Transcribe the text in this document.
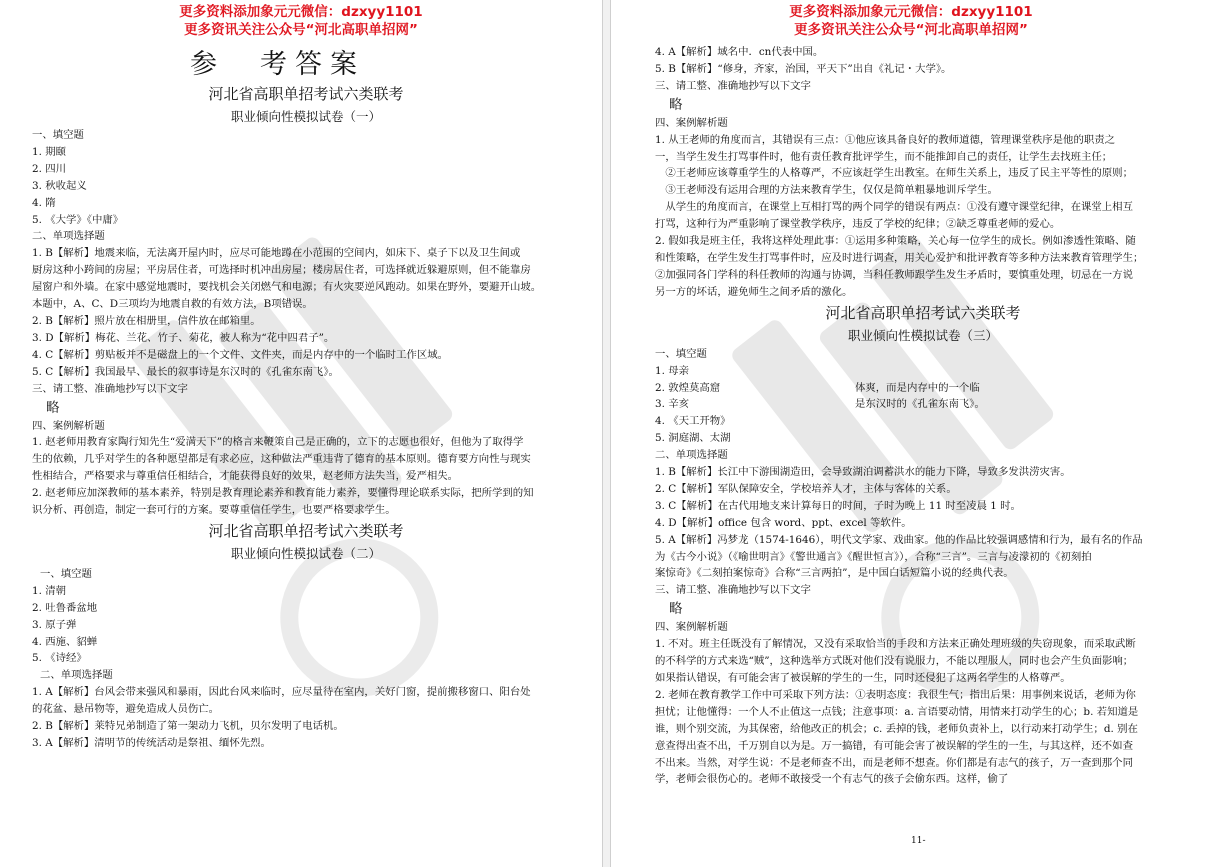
更多资料添加象元元微信：dzxyy1101
更多资讯关注公众号“河北高职单招网”

参　考答案

河北省高职单招考试六类联考

职业倾向性模拟试卷（一）

一、填空题

1. 期颐

2. 四川

3. 秋收起义

4. 隋

5. 《大学》《中庸》

二、单项选择题

1. B【解析】地震来临，无法离开屋内时，应尽可能地蹲在小范围的空间内，如床下、桌子下以及卫生间或

厨房这种小跨间的房屋；平房居住者，可选择时机冲出房屋；楼房居住者，可选择就近躲避原则，但不能靠房

屋窗户和外墙。在家中感觉地震时，要找机会关闭燃气和电源；有火灾要逆风跑动。如果在野外，要避开山坡。

本题中，A、C、D三项均为地震自救的有效方法，B项错误。

2. B【解析】照片放在相册里，信件放在邮箱里。

3. D【解析】梅花、兰花、竹子、菊花，被人称为“花中四君子”。

4. C【解析】剪贴板并不是磁盘上的一个文件、文件夹，而是内存中的一个临时工作区域。

5. C【解析】我国最早、最长的叙事诗是东汉时的《孔雀东南飞》。

三、请工整、准确地抄写以下文字

略

四、案例解析题

1. 赵老师用教育家陶行知先生“爱满天下”的格言来鞭策自己是正确的，立下的志愿也很好，但他为了取得学

生的依赖，几乎对学生的各种愿望都是有求必应，这种做法严重违背了德育的基本原则。德育要方向性与现实

性相结合，严格要求与尊重信任相结合，才能获得良好的效果，赵老师方法失当，爱严相失。

2. 赵老师应加深教师的基本素养，特别是教育理论素养和教育能力素养，要懂得理论联系实际，把所学到的知

识分析、再创造，制定一套可行的方案。要尊重信任学生，也要严格要求学生。

河北省高职单招考试六类联考

职业倾向性模拟试卷（二）

一、填空题

1. 清朝

2. 吐鲁番盆地

3. 原子弹

4. 西施、貂蝉

5. 《诗经》

二、单项选择题

1. A【解析】台风会带来强风和暴雨，因此台风来临时，应尽量待在室内，关好门窗，提前搬移窗口、阳台处

的花盆、悬吊物等，避免造成人员伤亡。

2. B【解析】莱特兄弟制造了第一架动力飞机，贝尔发明了电话机。

3. A【解析】清明节的传统活动是祭祖、缅怀先烈。

更多资料添加象元元微信：dzxyy1101
更多资讯关注公众号“河北高职单招网”

4. A【解析】域名中．cn代表中国。

5. B【解析】“修身，齐家，治国，平天下”出自《礼记・大学》。

三、请工整、准确地抄写以下文字

略

四、案例解析题

1. 从王老师的角度而言，其错误有三点：①他应该具备良好的教师道德，管理课堂秩序是他的职责之

一，当学生发生打骂事件时，他有责任教育批评学生，而不能推卸自己的责任，让学生去找班主任；

　②王老师应该尊重学生的人格尊严，不应该赶学生出教室。在师生关系上，违反了民主平等性的原则；

　③王老师没有运用合理的方法来教育学生，仅仅是简单粗暴地训斥学生。

　从学生的角度而言，在课堂上互相打骂的两个同学的错误有两点：①没有遵守课堂纪律，在课堂上相互

打骂，这种行为严重影响了课堂教学秩序，违反了学校的纪律；②缺乏尊重老师的爱心。

2. 假如我是班主任，我将这样处理此事：①运用多种策略，关心每一位学生的成长。例如渗透性策略、随

和性策略，在学生发生打骂事件时，应及时进行调查，用关心爱护和批评教育等多种方法来教育管理学生；

②加强同各门学科的科任教师的沟通与协调，当科任教师跟学生发生矛盾时，要慎重处理，切忌在一方说

另一方的坏话，避免师生之间矛盾的激化。

河北省高职单招考试六类联考

职业倾向性模拟试卷（三）

一、填空题

1. 母亲

2. 敦煌莫高窟	体爽，而是内存中的一个临
3. 辛亥	是东汉时的《孔雀东南飞》。

4. 《天工开物》

5. 洞庭湖、太湖

二、单项选择题

1. B【解析】长江中下游围湖造田，会导致湖泊调蓄洪水的能力下降，导致多发洪涝灾害。

2. C【解析】军队保障安全，学校培养人才，主体与客体的关系。

3. C【解析】在古代用地支来计算每日的时间，子时为晚上 11 时至凌晨 1 时。

4. D【解析】office 包含 word、ppt、excel 等软件。

5. A【解析】冯梦龙（1574-1646），明代文学家、戏曲家。他的作品比较强调感情和行为，最有名的作品

为《古今小说》（《喻世明言》《警世通言》《醒世恒言》），合称“三言”。三言与凌濛初的《初刻拍

案惊奇》《二刻拍案惊奇》合称“三言两拍”，是中国白话短篇小说的经典代表。

三、请工整、准确地抄写以下文字

略

四、案例解析题

1. 不对。班主任既没有了解情况，又没有采取恰当的手段和方法来正确处理班级的失窃现象，而采取武断

的不科学的方式来选“贼”，这种选举方式既对他们没有说服力，不能以理服人，同时也会产生负面影响；

如果指认错误，有可能会害了被误解的学生的一生，同时还侵犯了这两名学生的人格尊严。

2. 老师在教育教学工作中可采取下列方法：①表明态度：我很生气；指出后果：用事例来说话，老师为你

担忧；让他懂得：一个人不止值这一点钱；注意事项：a. 言语要动情，用情来打动学生的心；b. 若知道是

谁，则个别交流，为其保密，给他改正的机会；c. 丢掉的钱，老师负责补上，以行动来打动学生；d. 别在

意查得出查不出，千万别自以为是。万一搞错，有可能会害了被误解的学生的一生，与其这样，还不如查

不出来。当然，对学生说：不是老师查不出，而是老师不想查。你们都是有志气的孩子，万一查到那个同

学，老师会很伤心的。老师不敢接受一个有志气的孩子会偷东西。这样，偷了

11-
